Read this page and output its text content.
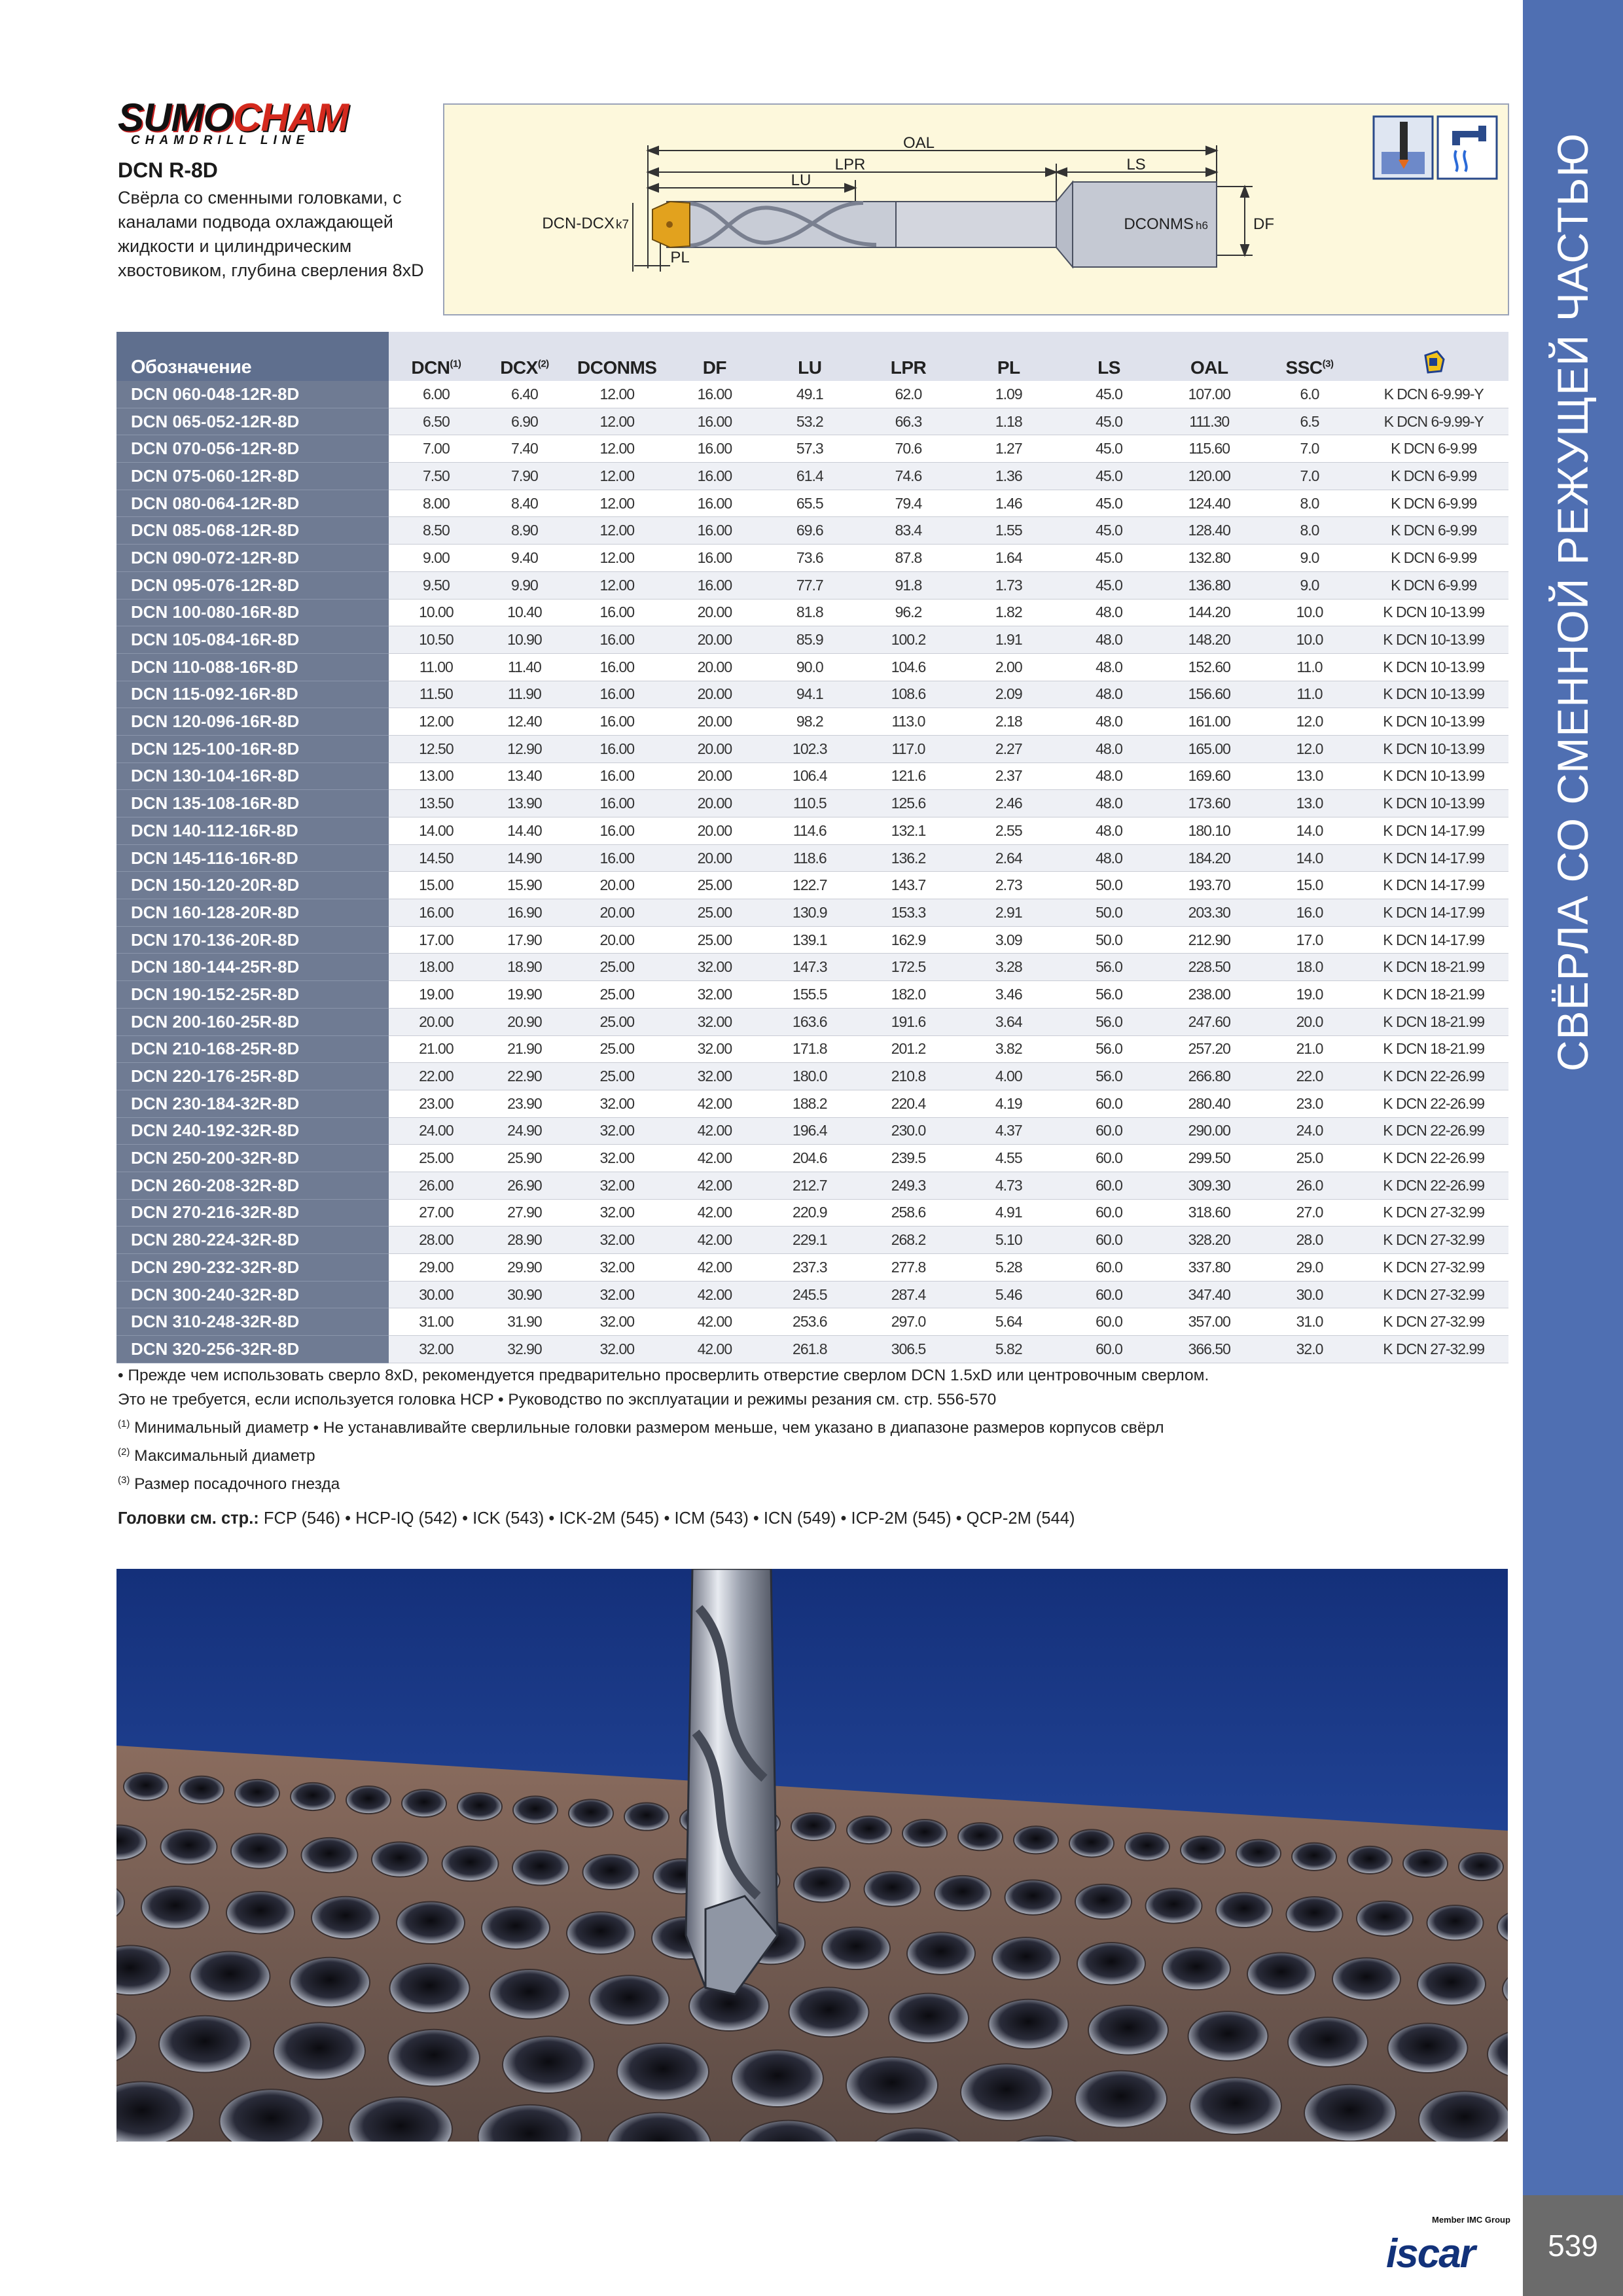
СВЁРЛА СО СМЕННОЙ РЕЖУЩЕЙ ЧАСТЬЮ
539
SUMOCHAM
CHAMDRILL LINE
DCN R-8D
Свёрла со сменными головками, с каналами подвода охлаждающей жидкости и цилиндрическим хвостовиком, глубина сверления 8xD
OAL
LPR	LS
LU
DCN-DCX k7
PL
DCONMS h6	DF
Обозначение	DCN$^{(1)}$	DCX$^{(2)}$	DCONMS	DF	LU	LPR	PL	LS	OAL	SSC$^{(3)}$	
DCN 060-048-12R-8D	6.00	6.40	12.00	16.00	49.1	62.0	1.09	45.0	107.00	6.0	K DCN 6-9.99-Y
DCN 065-052-12R-8D	6.50	6.90	12.00	16.00	53.2	66.3	1.18	45.0	111.30	6.5	K DCN 6-9.99-Y
DCN 070-056-12R-8D	7.00	7.40	12.00	16.00	57.3	70.6	1.27	45.0	115.60	7.0	K DCN 6-9.99
DCN 075-060-12R-8D	7.50	7.90	12.00	16.00	61.4	74.6	1.36	45.0	120.00	7.0	K DCN 6-9.99
DCN 080-064-12R-8D	8.00	8.40	12.00	16.00	65.5	79.4	1.46	45.0	124.40	8.0	K DCN 6-9.99
DCN 085-068-12R-8D	8.50	8.90	12.00	16.00	69.6	83.4	1.55	45.0	128.40	8.0	K DCN 6-9.99
DCN 090-072-12R-8D	9.00	9.40	12.00	16.00	73.6	87.8	1.64	45.0	132.80	9.0	K DCN 6-9.99
DCN 095-076-12R-8D	9.50	9.90	12.00	16.00	77.7	91.8	1.73	45.0	136.80	9.0	K DCN 6-9.99
DCN 100-080-16R-8D	10.00	10.40	16.00	20.00	81.8	96.2	1.82	48.0	144.20	10.0	K DCN 10-13.99
DCN 105-084-16R-8D	10.50	10.90	16.00	20.00	85.9	100.2	1.91	48.0	148.20	10.0	K DCN 10-13.99
DCN 110-088-16R-8D	11.00	11.40	16.00	20.00	90.0	104.6	2.00	48.0	152.60	11.0	K DCN 10-13.99
DCN 115-092-16R-8D	11.50	11.90	16.00	20.00	94.1	108.6	2.09	48.0	156.60	11.0	K DCN 10-13.99
DCN 120-096-16R-8D	12.00	12.40	16.00	20.00	98.2	113.0	2.18	48.0	161.00	12.0	K DCN 10-13.99
DCN 125-100-16R-8D	12.50	12.90	16.00	20.00	102.3	117.0	2.27	48.0	165.00	12.0	K DCN 10-13.99
DCN 130-104-16R-8D	13.00	13.40	16.00	20.00	106.4	121.6	2.37	48.0	169.60	13.0	K DCN 10-13.99
DCN 135-108-16R-8D	13.50	13.90	16.00	20.00	110.5	125.6	2.46	48.0	173.60	13.0	K DCN 10-13.99
DCN 140-112-16R-8D	14.00	14.40	16.00	20.00	114.6	132.1	2.55	48.0	180.10	14.0	K DCN 14-17.99
DCN 145-116-16R-8D	14.50	14.90	16.00	20.00	118.6	136.2	2.64	48.0	184.20	14.0	K DCN 14-17.99
DCN 150-120-20R-8D	15.00	15.90	20.00	25.00	122.7	143.7	2.73	50.0	193.70	15.0	K DCN 14-17.99
DCN 160-128-20R-8D	16.00	16.90	20.00	25.00	130.9	153.3	2.91	50.0	203.30	16.0	K DCN 14-17.99
DCN 170-136-20R-8D	17.00	17.90	20.00	25.00	139.1	162.9	3.09	50.0	212.90	17.0	K DCN 14-17.99
DCN 180-144-25R-8D	18.00	18.90	25.00	32.00	147.3	172.5	3.28	56.0	228.50	18.0	K DCN 18-21.99
DCN 190-152-25R-8D	19.00	19.90	25.00	32.00	155.5	182.0	3.46	56.0	238.00	19.0	K DCN 18-21.99
DCN 200-160-25R-8D	20.00	20.90	25.00	32.00	163.6	191.6	3.64	56.0	247.60	20.0	K DCN 18-21.99
DCN 210-168-25R-8D	21.00	21.90	25.00	32.00	171.8	201.2	3.82	56.0	257.20	21.0	K DCN 18-21.99
DCN 220-176-25R-8D	22.00	22.90	25.00	32.00	180.0	210.8	4.00	56.0	266.80	22.0	K DCN 22-26.99
DCN 230-184-32R-8D	23.00	23.90	32.00	42.00	188.2	220.4	4.19	60.0	280.40	23.0	K DCN 22-26.99
DCN 240-192-32R-8D	24.00	24.90	32.00	42.00	196.4	230.0	4.37	60.0	290.00	24.0	K DCN 22-26.99
DCN 250-200-32R-8D	25.00	25.90	32.00	42.00	204.6	239.5	4.55	60.0	299.50	25.0	K DCN 22-26.99
DCN 260-208-32R-8D	26.00	26.90	32.00	42.00	212.7	249.3	4.73	60.0	309.30	26.0	K DCN 22-26.99
DCN 270-216-32R-8D	27.00	27.90	32.00	42.00	220.9	258.6	4.91	60.0	318.60	27.0	K DCN 27-32.99
DCN 280-224-32R-8D	28.00	28.90	32.00	42.00	229.1	268.2	5.10	60.0	328.20	28.0	K DCN 27-32.99
DCN 290-232-32R-8D	29.00	29.90	32.00	42.00	237.3	277.8	5.28	60.0	337.80	29.0	K DCN 27-32.99
DCN 300-240-32R-8D	30.00	30.90	32.00	42.00	245.5	287.4	5.46	60.0	347.40	30.0	K DCN 27-32.99
DCN 310-248-32R-8D	31.00	31.90	32.00	42.00	253.6	297.0	5.64	60.0	357.00	31.0	K DCN 27-32.99
DCN 320-256-32R-8D	32.00	32.90	32.00	42.00	261.8	306.5	5.82	60.0	366.50	32.0	K DCN 27-32.99
• Прежде чем использовать сверло 8xD, рекомендуется предварительно просверлить отверстие сверлом DCN 1.5xD или центровочным сверлом.
Это не требуется, если используется головка HCP • Руководство по эксплуатации и режимы резания см. стр. 556-570
$^{(1)}$ Минимальный диаметр • Не устанавливайте сверлильные головки размером меньше, чем указано в диапазоне размеров корпусов свёрл
$^{(2)}$ Максимальный диаметр
$^{(3)}$ Размер посадочного гнезда
Головки см. стр.: FCP (546) • HCP-IQ (542) • ICK (543) • ICK-2M (545) • ICM (543) • ICN (549) • ICP-2M (545) • QCP-2M (544)
Member IMC Group
iscar
